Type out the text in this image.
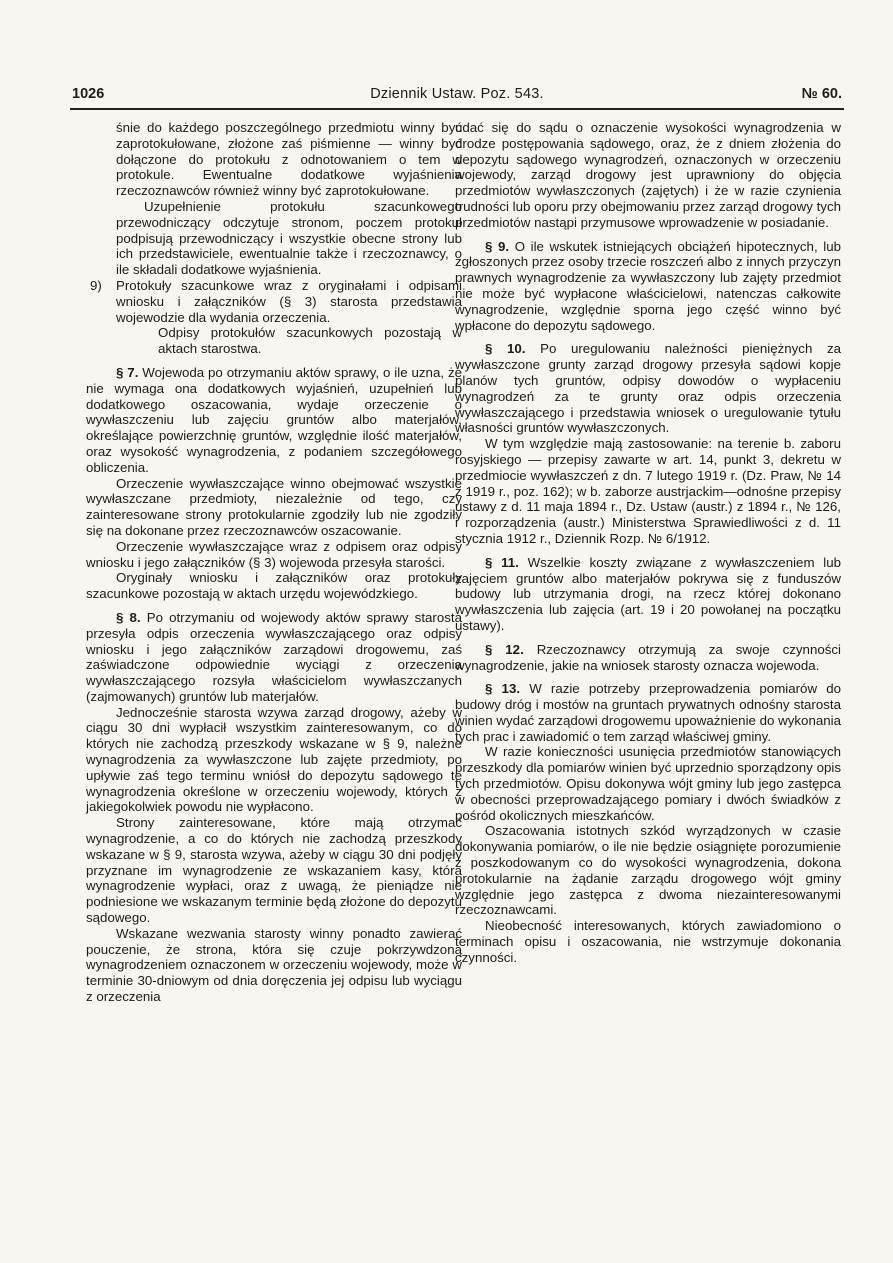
1026	Dziennik Ustaw. Poz. 543.	№ 60.

śnie do każdego poszczególnego przedmiotu winny być zaprotokułowane, złożone zaś piśmienne — winny być dołączone do protokułu z odnotowaniem o tem w protokule. Ewentualne dodatkowe wyjaśnienia rzeczoznawców również winny być zaprotokułowane.

Uzupełnienie protokułu szacunkowego przewodniczący odczytuje stronom, poczem protokuł podpisują przewodniczący i wszystkie obecne strony lub ich przedstawiciele, ewentualnie także i rzeczoznawcy, o ile składali dodatkowe wyjaśnienia.

9) Protokuły szacunkowe wraz z oryginałami i odpisami wniosku i załączników (§ 3) starosta przedstawia wojewodzie dla wydania orzeczenia.

Odpisy protokułów szacunkowych pozostają w aktach starostwa.

§ 7. Wojewoda po otrzymaniu aktów sprawy, o ile uzna, że nie wymaga ona dodatkowych wyjaśnień, uzupełnień lub dodatkowego oszacowania, wydaje orzeczenie o wywłaszczeniu lub zajęciu gruntów albo materjałów, określające powierzchnię gruntów, względnie ilość materjałów, oraz wysokość wynagrodzenia, z podaniem szczegółowego obliczenia.

Orzeczenie wywłaszczające winno obejmować wszystkie wywłaszczane przedmioty, niezależnie od tego, czy zainteresowane strony protokularnie zgodziły lub nie zgodziły się na dokonane przez rzeczoznawców oszacowanie.

Orzeczenie wywłaszczające wraz z odpisem oraz odpisy wniosku i jego załączników (§ 3) wojewoda przesyła starości.

Oryginały wniosku i załączników oraz protokuły szacunkowe pozostają w aktach urzędu wojewódzkiego.

§ 8. Po otrzymaniu od wojewody aktów sprawy starosta przesyła odpis orzeczenia wywłaszczającego oraz odpisy wniosku i jego załączników zarządowi drogowemu, zaś zaświadczone odpowiednie wyciągi z orzeczenia wywłaszczającego rozsyła właścicielom wywłaszczanych (zajmowanych) gruntów lub materjałów.

Jednocześnie starosta wzywa zarząd drogowy, ażeby w ciągu 30 dni wypłacił wszystkim zainteresowanym, co do których nie zachodzą przeszkody wskazane w § 9, należne wynagrodzenia za wywłaszczone lub zajęte przedmioty, po upływie zaś tego terminu wniósł do depozytu sądowego te wynagrodzenia określone w orzeczeniu wojewody, których z jakiegokolwiek powodu nie wypłacono.

Strony zainteresowane, które mają otrzymać wynagrodzenie, a co do których nie zachodzą przeszkody wskazane w § 9, starosta wzywa, ażeby w ciągu 30 dni podjęły przyznane im wynagrodzenie ze wskazaniem kasy, która wynagrodzenie wypłaci, oraz z uwagą, że pieniądze nie podniesione we wskazanym terminie będą złożone do depozytu sądowego.

Wskazane wezwania starosty winny ponadto zawierać pouczenie, że strona, która się czuje pokrzywdzoną wynagrodzeniem oznaczonem w orzeczeniu wojewody, może w terminie 30-dniowym od dnia doręczenia jej odpisu lub wyciągu z orzeczenia

udać się do sądu o oznaczenie wysokości wynagrodzenia w drodze postępowania sądowego, oraz, że z dniem złożenia do depozytu sądowego wynagrodzeń, oznaczonych w orzeczeniu wojewody, zarząd drogowy jest uprawniony do objęcia przedmiotów wywłaszczonych (zajętych) i że w razie czynienia trudności lub oporu przy obejmowaniu przez zarząd drogowy tych przedmiotów nastąpi przymusowe wprowadzenie w posiadanie.

§ 9. O ile wskutek istniejących obciążeń hipotecznych, lub zgłoszonych przez osoby trzecie roszczeń albo z innych przyczyn prawnych wynagrodzenie za wywłaszczony lub zajęty przedmiot nie może być wypłacone właścicielowi, natenczas całkowite wynagrodzenie, względnie sporna jego część winno być wpłacone do depozytu sądowego.

§ 10. Po uregulowaniu należności pieniężnych za wywłaszczone grunty zarząd drogowy przesyła sądowi kopje planów tych gruntów, odpisy dowodów o wypłaceniu wynagrodzeń za te grunty oraz odpis orzeczenia wywłaszczającego i przedstawia wniosek o uregulowanie tytułu własności gruntów wywłaszczonych.

W tym względzie mają zastosowanie: na terenie b. zaboru rosyjskiego — przepisy zawarte w art. 14, punkt 3, dekretu w przedmiocie wywłaszczeń z dn. 7 lutego 1919 r. (Dz. Praw, № 14 z 1919 r., poz. 162); w b. zaborze austrjackim—odnośne przepisy ustawy z d. 11 maja 1894 r., Dz. Ustaw (austr.) z 1894 r., № 126, i rozporządzenia (austr.) Ministerstwa Sprawiedliwości z d. 11 stycznia 1912 r., Dziennik Rozp. № 6/1912.

§ 11. Wszelkie koszty związane z wywłaszczeniem lub zajęciem gruntów albo materjałów pokrywa się z funduszów budowy lub utrzymania drogi, na rzecz której dokonano wywłaszczenia lub zajęcia (art. 19 i 20 powołanej na początku ustawy).

§ 12. Rzeczoznawcy otrzymują za swoje czynności wynagrodzenie, jakie na wniosek starosty oznacza wojewoda.

§ 13. W razie potrzeby przeprowadzenia pomiarów do budowy dróg i mostów na gruntach prywatnych odnośny starosta winien wydać zarządowi drogowemu upoważnienie do wykonania tych prac i zawiadomić o tem zarząd właściwej gminy.

W razie konieczności usunięcia przedmiotów stanowiących przeszkody dla pomiarów winien być uprzednio sporządzony opis tych przedmiotów. Opisu dokonywa wójt gminy lub jego zastępca w obecności przeprowadzającego pomiary i dwóch świadków z pośród okolicznych mieszkańców.

Oszacowania istotnych szkód wyrządzonych w czasie dokonywania pomiarów, o ile nie będzie osiągnięte porozumienie z poszkodowanym co do wysokości wynagrodzenia, dokona protokularnie na żądanie zarządu drogowego wójt gminy względnie jego zastępca z dwoma niezainteresowanymi rzeczoznawcami.

Nieobecność interesowanych, których zawiadomiono o terminach opisu i oszacowania, nie wstrzymuje dokonania czynności.
